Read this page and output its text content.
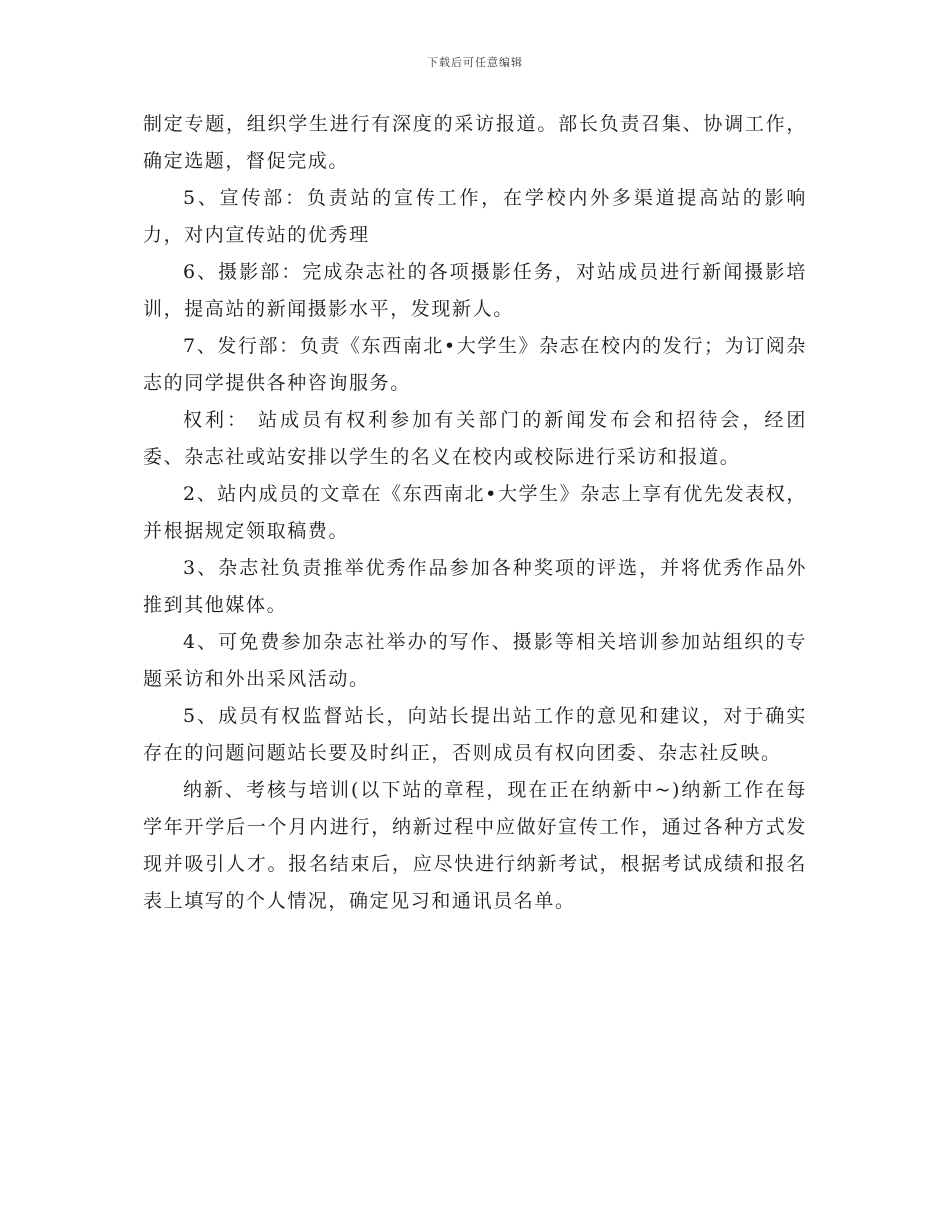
下载后可任意编辑

制定专题，组织学生进行有深度的采访报道。部长负责召集、协调工作，确定选题，督促完成。

5、宣传部：负责站的宣传工作，在学校内外多渠道提高站的影响力，对内宣传站的优秀理

6、摄影部：完成杂志社的各项摄影任务，对站成员进行新闻摄影培训，提高站的新闻摄影水平，发现新人。

7、发行部：负责《东西南北•大学生》杂志在校内的发行；为订阅杂志的同学提供各种咨询服务。

权利： 站成员有权利参加有关部门的新闻发布会和招待会，经团委、杂志社或站安排以学生的名义在校内或校际进行采访和报道。

2、站内成员的文章在《东西南北•大学生》杂志上享有优先发表权，并根据规定领取稿费。

3、杂志社负责推举优秀作品参加各种奖项的评选，并将优秀作品外推到其他媒体。

4、可免费参加杂志社举办的写作、摄影等相关培训参加站组织的专题采访和外出采风活动。

5、成员有权监督站长，向站长提出站工作的意见和建议，对于确实存在的问题问题站长要及时纠正，否则成员有权向团委、杂志社反映。

纳新、考核与培训(以下站的章程，现在正在纳新中~)纳新工作在每学年开学后一个月内进行，纳新过程中应做好宣传工作，通过各种方式发现并吸引人才。报名结束后，应尽快进行纳新考试，根据考试成绩和报名表上填写的个人情况，确定见习和通讯员名单。
